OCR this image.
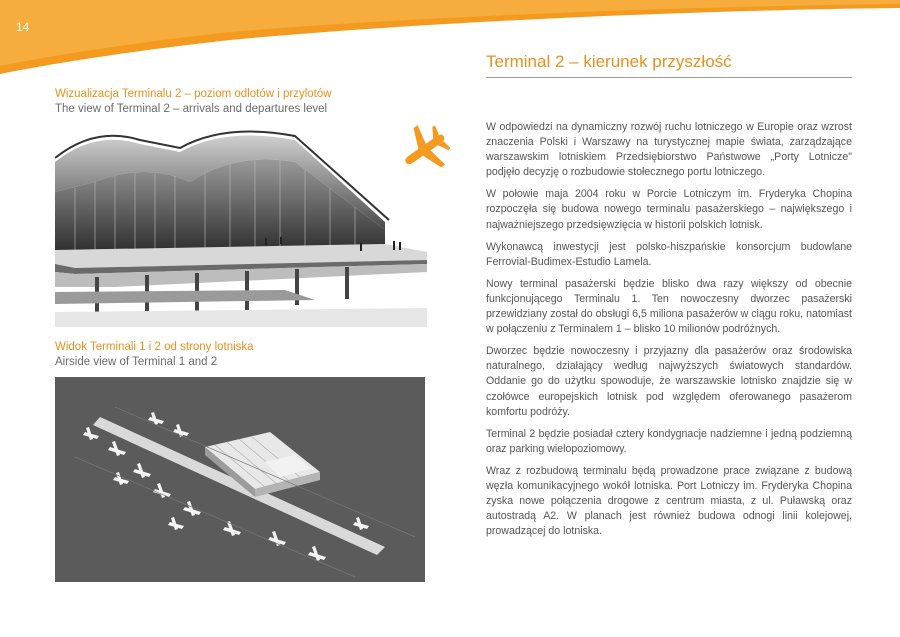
14
Wizualizacja Terminalu 2 – poziom odlotów i przylotów
The view of Terminal 2 – arrivals and departures level
Widok Terminali 1 i 2 od strony lotniska
Airside view of Terminal 1 and 2
Terminal 2 – kierunek przyszłość

W odpowiedzi na dynamiczny rozwój ruchu lotniczego w Europie oraz wzrost znaczenia Polski i Warszawy na turystycznej mapie świata, zarządzające warszawskim lotniskiem Przedsiębiorstwo Państwowe „Porty Lotnicze" podjęło decyzję o rozbudowie stołecznego portu lotniczego.

W połowie maja 2004 roku w Porcie Lotniczym im. Fryderyka Chopina rozpoczęła się budowa nowego terminalu pasażerskiego – największego i najważniejszego przedsięwzięcia w historii polskich lotnisk.

Wykonawcą inwestycji jest polsko-hiszpańskie konsorcjum budowlane Ferrovial-Budimex-Estudio Lamela.

Nowy terminal pasażerski będzie blisko dwa razy większy od obecnie funkcjonującego Terminalu 1. Ten nowoczesny dworzec pasażerski przewidziany został do obsługi 6,5 miliona pasażerów w ciągu roku, natomiast w połączeniu z Terminalem 1 – blisko 10 milionów podróżnych.

Dworzec będzie nowoczesny i przyjazny dla pasażerów oraz środowiska naturalnego, działający według najwyższych światowych standardów. Oddanie go do użytku spowoduje, że warszawskie lotnisko znajdzie się w czołówce europejskich lotnisk pod względem oferowanego pasażerom komfortu podróży.

Terminal 2 będzie posiadał cztery kondygnacje nadziemne i jedną podziemną oraz parking wielopoziomowy.

Wraz z rozbudową terminalu będą prowadzone prace związane z budową węzła komunikacyjnego wokół lotniska. Port Lotniczy im. Fryderyka Chopina zyska nowe połączenia drogowe z centrum miasta, z ul. Puławską oraz autostradą A2. W planach jest również budowa odnogi linii kolejowej, prowadzącej do lotniska.
